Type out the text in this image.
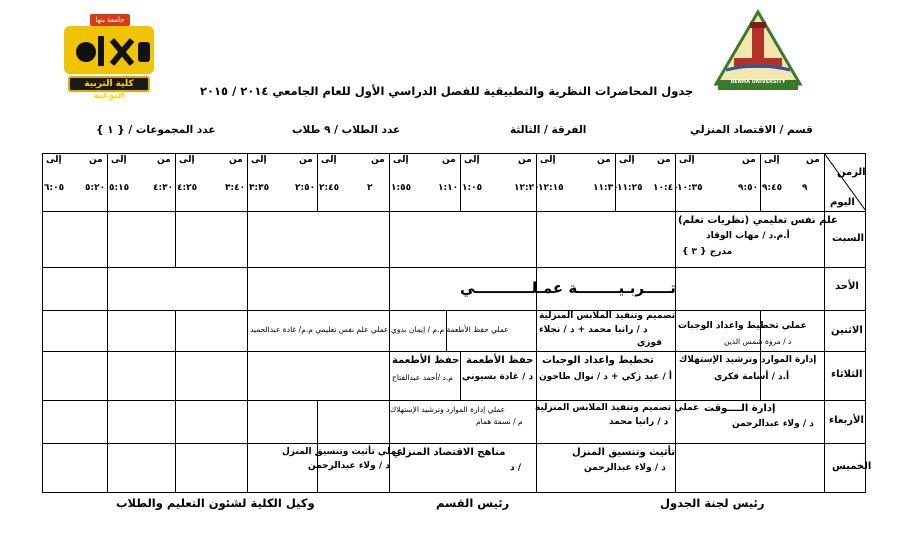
BENHA UNIVERSITY
جامعة بنها
كلية التربية النوعية	جدول المحاضرات النظرية والتطبيقية للفصل الدراسي الأول للعام الجامعي ٢٠١٤ / ٢٠١٥
قسم / الاقتصاد المنزلي
الفرقة / الثالثة
عدد الطلاب / ٩ طلاب
عدد المجموعات / { ١ }
من
إلى
٩
٩:٤٥
من
إلى
٩:٥٠
١٠:٣٥
من
إلى
١٠:٤٠
١١:٢٥
من
إلى
١١:٣٠
١٢:١٥
من
إلى
١٢:٢٠
١:٠٥
من
إلى
١:١٠
١:٥٥
من
إلى
٢
٢:٤٥
من
إلى
٢:٥٠
٣:٣٥
من
إلى
٣:٤٠
٤:٢٥
من
إلى
٤:٣٠
٥:١٥
من
إلى
٥:٢٠
٦:٠٥
الزمن
اليوم
السبت
الأحد
الاثنين
الثلاثاء
الأربعاء
الخميس
علم نفس تعليمي (نظريات تعلم)
أ.م.د / مهاب الوقاد
مدرج { ٣ }
تـــــربـيــــــــة عمـلـــــــــــي
عملي تخطيط واعداد الوجبات
د / مروة شمس الدين
تصميم وتنفيذ الملابس المنزلية
د / رانيا محمد + د / نجلاء
فوزي
عملي حفظ الأطعمة م.م / إيمان بدوي
عملي علم نفس تعليمي م.م/ غادة عبدالحميد
إدارة الموارد وترشيد الإستهلاك
أ.د / أسامة فكري
تخطيط واعداد الوجبات
أ / عيد زكي + د / نوال طاحون
حفظ الأطعمة
د / غادة بسيوني
حفظ الأطعمة
م.د /أحمد عبدالفتاح
إدارة الــــوقت
د / ولاء عبدالرحمن
عملي تصميم وتنفيذ الملابس المنزلية
د / رانيا محمد
عملي إدارة الموارد وترشيد الإستهلاك
م / نسمة همام
تأثيث وتنسيق المنزل
د / ولاء عبدالرحمن
مناهج الاقتصاد المنزلي
د /
عملي تأثيث وتنسيق المنزل
د / ولاء عبدالرحمن
رئيس لجنة الجدول
رئيس القسم
وكيل الكلية لشئون التعليم والطلاب
